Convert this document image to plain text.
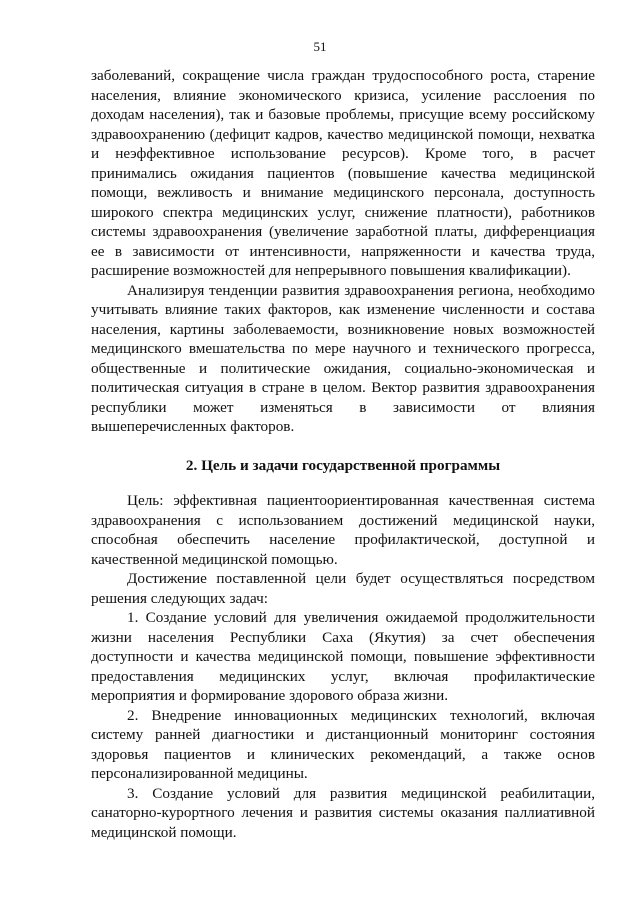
51

заболеваний, сокращение числа граждан трудоспособного роста, старение населения, влияние экономического кризиса, усиление расслоения по доходам населения), так и базовые проблемы, присущие всему российскому здравоохранению (дефицит кадров, качество медицинской помощи, нехватка и неэффективное использование ресурсов). Кроме того, в расчет принимались ожидания пациентов (повышение качества медицинской помощи, вежливость и внимание медицинского персонала, доступность широкого спектра медицинских услуг, снижение платности), работников системы здравоохранения (увеличение заработной платы, дифференциация ее в зависимости от интенсивности, напряженности и качества труда, расширение возможностей для непрерывного повышения квалификации).

Анализируя тенденции развития здравоохранения региона, необходимо учитывать влияние таких факторов, как изменение численности и состава населения, картины заболеваемости, возникновение новых возможностей медицинского вмешательства по мере научного и технического прогресса, общественные и политические ожидания, социально-экономическая и политическая ситуация в стране в целом. Вектор развития здравоохранения республики может изменяться в зависимости от влияния вышеперечисленных факторов.

2. Цель и задачи государственной программы

Цель: эффективная пациентоориентированная качественная система здравоохранения с использованием достижений медицинской науки, способная обеспечить население профилактической, доступной и качественной медицинской помощью.

Достижение поставленной цели будет осуществляться посредством решения следующих задач:

1. Создание условий для увеличения ожидаемой продолжительности жизни населения Республики Саха (Якутия) за счет обеспечения доступности и качества медицинской помощи, повышение эффективности предоставления медицинских услуг, включая профилактические мероприятия и формирование здорового образа жизни.

2. Внедрение инновационных медицинских технологий, включая систему ранней диагностики и дистанционный мониторинг состояния здоровья пациентов и клинических рекомендаций, а также основ персонализированной медицины.

3. Создание условий для развития медицинской реабилитации, санаторно-курортного лечения и развития системы оказания паллиативной медицинской помощи.
